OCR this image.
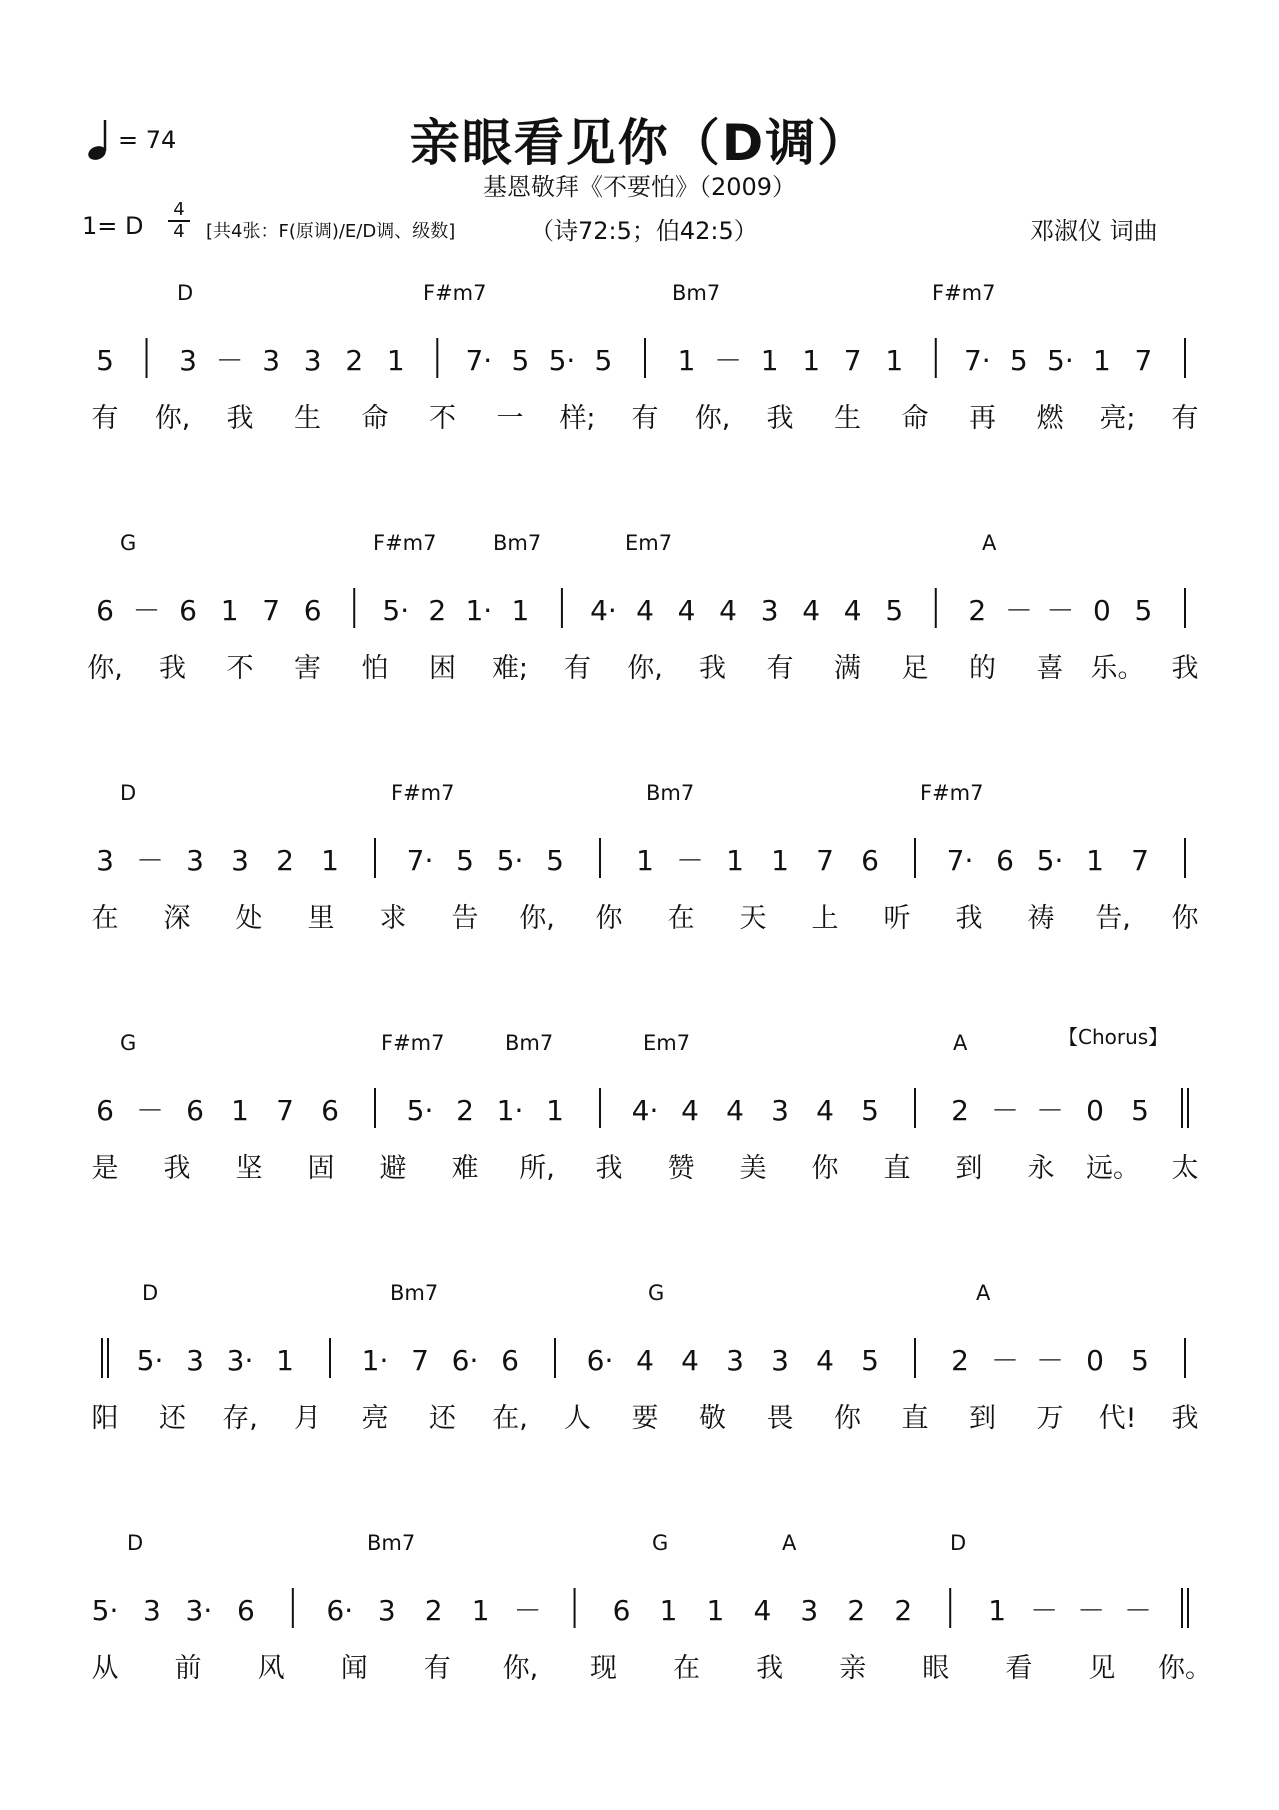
亲眼看见你（D调）
基恩敬拜《不要怕》（2009）
= 74
1= D
4
4 [共4张：F(原调)/E/D调、级数]	（诗72:5；伯42:5）	邓淑仪 词曲
D	F#m7	Bm7	F#m7
5 3 － 3 3 2 1 7· 5 5· 5 1 － 1 1 7 1 7· 5 5· 1 7
有 你, 我 生 命 不 一 样; 有 你, 我 生 命 再 燃 亮; 有
G	F#m7	Bm7	Em7	A
6 － 6 1 7 6 5· 2 1· 1 4· 4 4 4 3 4 4 5 2 － － 0 5
你, 我 不 害 怕 困 难; 有 你, 我 有 满 足 的 喜 乐。 我
D	F#m7	Bm7	F#m7
3 － 3 3 2 1 7· 5 5· 5	1 － 1 1 7 6 7· 6 5· 1 7
在 深 处 里 求 告 你, 你 在 天 上 听 我 祷 告, 你
G	F#m7	Bm7	Em7	A	【Chorus】
6 － 6 1 7 6 5· 2 1· 1 4· 4 4 3 4 5	2 － － 0 5
是 我 坚 固 避 难 所, 我 赞 美 你 直 到 永 远。 太
D	Bm7	G	A
5· 3 3· 1 1· 7 6· 6 6· 4 4 3 3 4 5	2 － － 0 5
阳 还 存, 月 亮 还 在, 人 要 敬 畏 你 直 到 万 代! 我
D	Bm7	G	A	D
5· 3 3· 6	6· 3 2 1 －	6 1 1 4 3 2 2	1 － － －
从 前 风 闻 有 你, 现 在 我 亲 眼 看 见 你。
